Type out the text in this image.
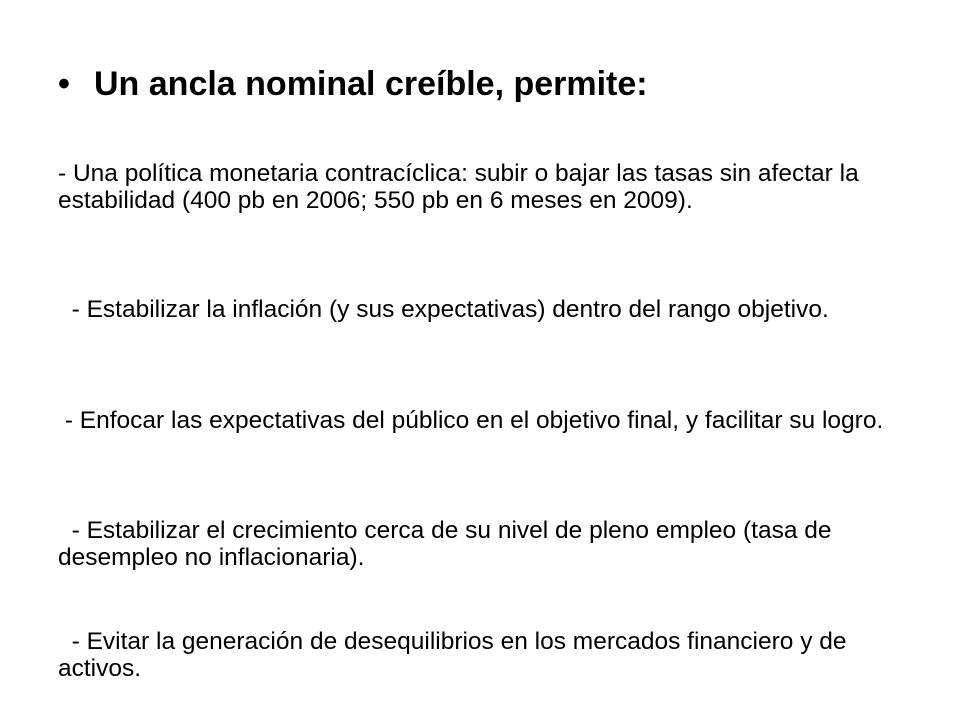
• Un ancla nominal creíble, permite:
- Una política monetaria contracíclica: subir o bajar las tasas sin afectar la estabilidad (400 pb en 2006; 550 pb en 6 meses en 2009).
- Estabilizar la inflación (y sus expectativas) dentro del rango objetivo.
- Enfocar las expectativas del público en el objetivo final, y facilitar su logro.
- Estabilizar el crecimiento cerca de su nivel de pleno empleo (tasa de desempleo no inflacionaria).
- Evitar la generación de desequilibrios en los mercados financiero y de activos.
